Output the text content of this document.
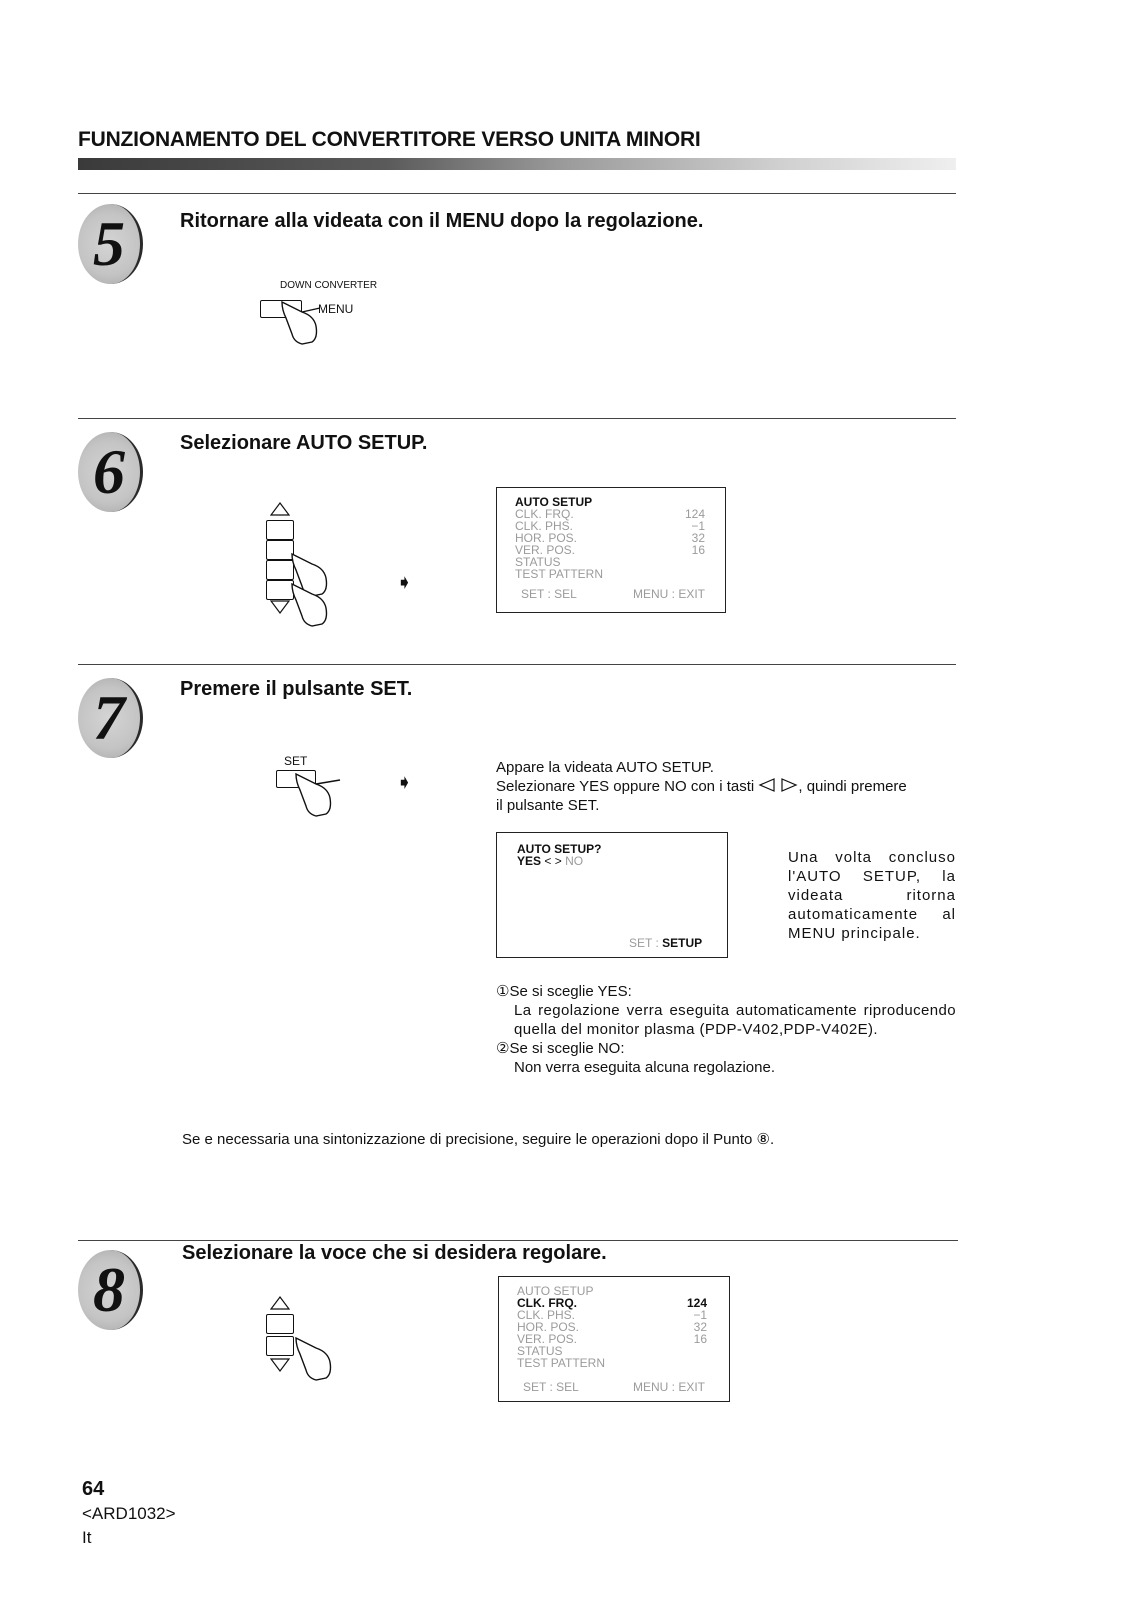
FUNZIONAMENTO DEL CONVERTITORE VERSO UNITA MINORI
5	Ritornare alla videata con il MENU dopo la regolazione.
DOWN CONVERTER
MENU
6	Selezionare AUTO SETUP.
➧
AUTO SETUP
CLK. FRQ.	124
CLK. PHS.	−1
HOR. POS.	32
VER. POS.	16
STATUS
TEST PATTERN
SET : SEL	MENU : EXIT
7	Premere il pulsante SET.
SET
➧
Appare la videata AUTO SETUP.
Selezionare YES oppure NO con i tasti	, quindi premere
il pulsante SET.
AUTO SETUP?
YES < > NO
SET : SETUP
Una volta concluso l'AUTO SETUP, la videata ritorna automaticamente al MENU principale.
①Se si sceglie YES:
La regolazione verra eseguita automaticamente riproducendo quella del monitor plasma (PDP-V402,PDP-V402E).
②Se si sceglie NO:
Non verra eseguita alcuna regolazione.
Se e necessaria una sintonizzazione di precisione, seguire le operazioni dopo il Punto ⑧.
8
Selezionare la voce che si desidera regolare.
AUTO SETUP
CLK. FRQ.	124
CLK. PHS.	−1
HOR. POS.	32
VER. POS.	16
STATUS
TEST PATTERN
SET : SEL	MENU : EXIT
64
<ARD1032>
It
